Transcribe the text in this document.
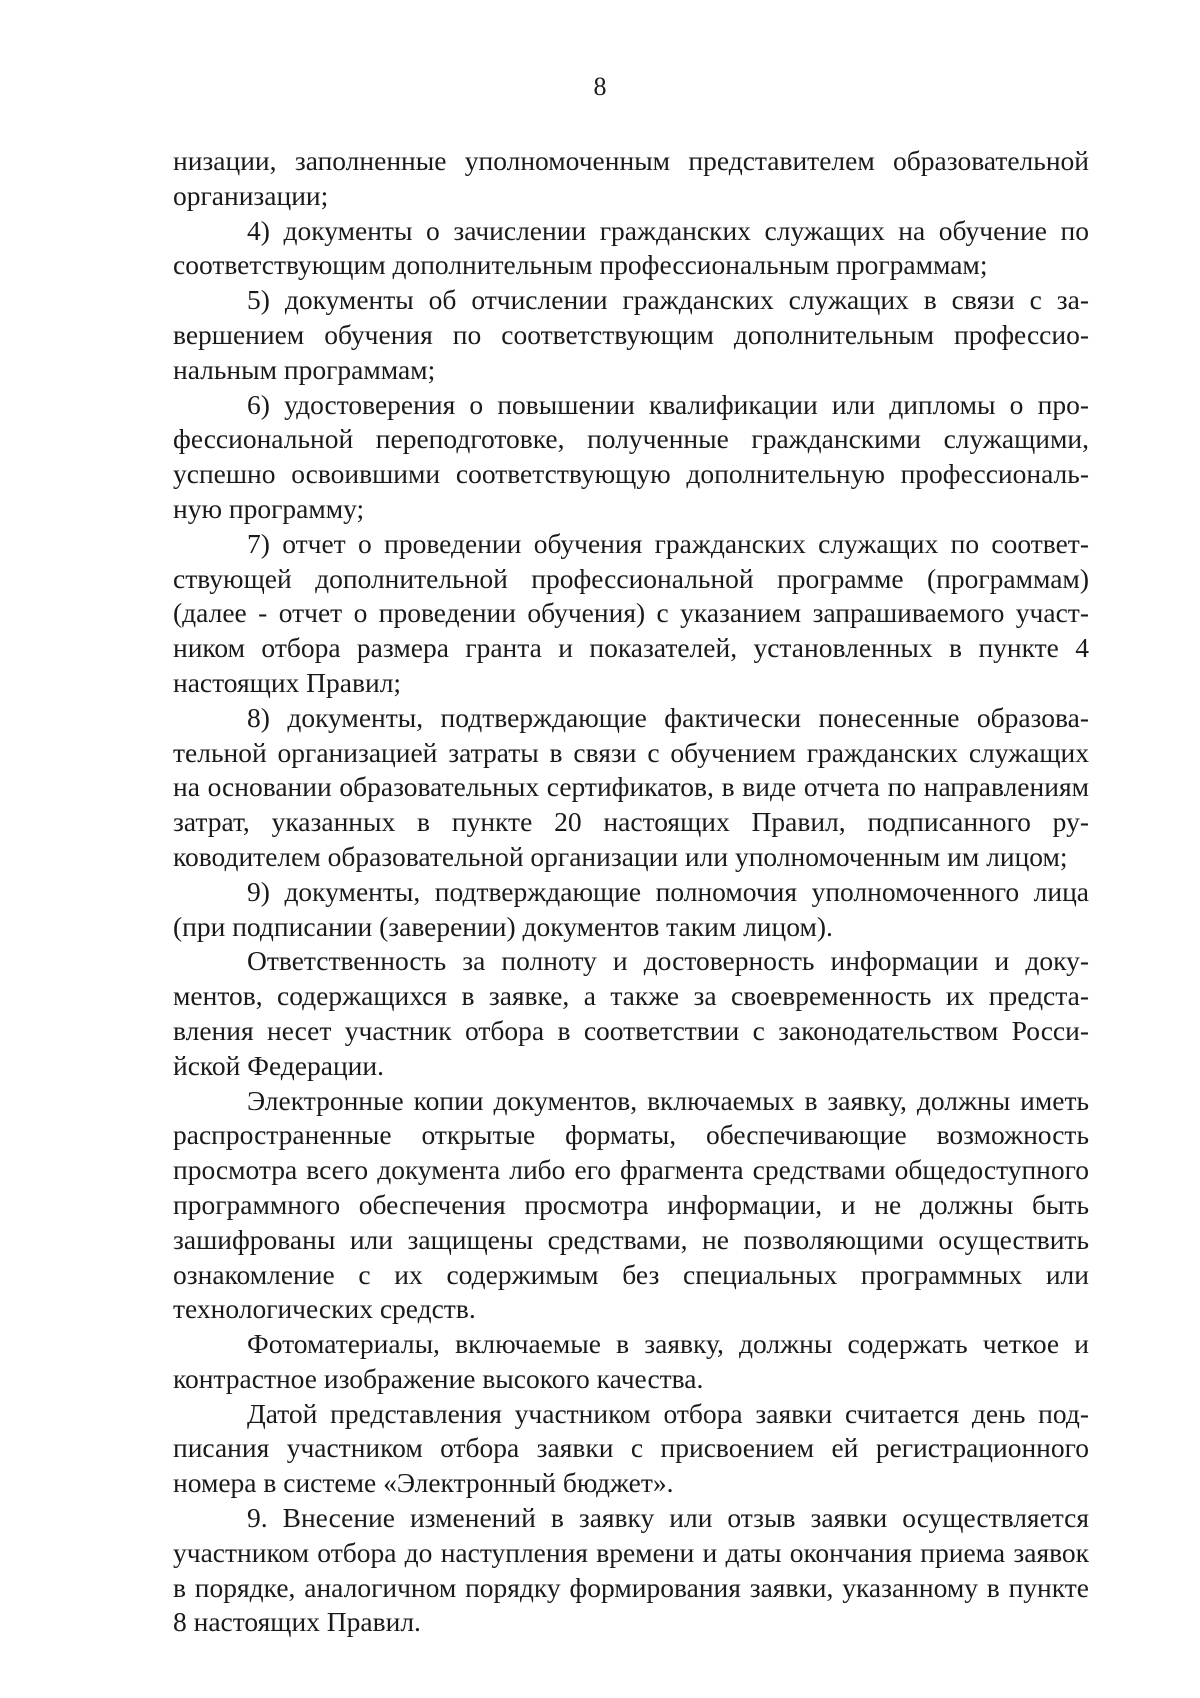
8

низации, заполненные уполномоченным представителем образовательной организации;

4) документы о зачислении гражданских служащих на обучение по соответствующим дополнительным профессиональным программам;

5) документы об отчислении гражданских служащих в связи с завершением обучения по соответствующим дополнительным профессиональным программам;

6) удостоверения о повышении квалификации или дипломы о профессиональной переподготовке, полученные гражданскими служащими, успешно освоившими соответствующую дополнительную профессиональную программу;

7) отчет о проведении обучения гражданских служащих по соответствующей дополнительной профессиональной программе (программам) (далее - отчет о проведении обучения) с указанием запрашиваемого участником отбора размера гранта и показателей, установленных в пункте 4 настоящих Правил;

8) документы, подтверждающие фактически понесенные образовательной организацией затраты в связи с обучением гражданских служащих на основании образовательных сертификатов, в виде отчета по направлениям затрат, указанных в пункте 20 настоящих Правил, подписанного руководителем образовательной организации или уполномоченным им лицом;

9) документы, подтверждающие полномочия уполномоченного лица (при подписании (заверении) документов таким лицом).

Ответственность за полноту и достоверность информации и документов, содержащихся в заявке, а также за своевременность их представления несет участник отбора в соответствии с законодательством Российской Федерации.

Электронные копии документов, включаемых в заявку, должны иметь распространенные открытые форматы, обеспечивающие возможность просмотра всего документа либо его фрагмента средствами общедоступного программного обеспечения просмотра информации, и не должны быть зашифрованы или защищены средствами, не позволяющими осуществить ознакомление с их содержимым без специальных программных или технологических средств.

Фотоматериалы, включаемые в заявку, должны содержать четкое и контрастное изображение высокого качества.

Датой представления участником отбора заявки считается день подписания участником отбора заявки с присвоением ей регистрационного номера в системе «Электронный бюджет».

9. Внесение изменений в заявку или отзыв заявки осуществляется участником отбора до наступления времени и даты окончания приема заявок в порядке, аналогичном порядку формирования заявки, указанному в пункте 8 настоящих Правил.
